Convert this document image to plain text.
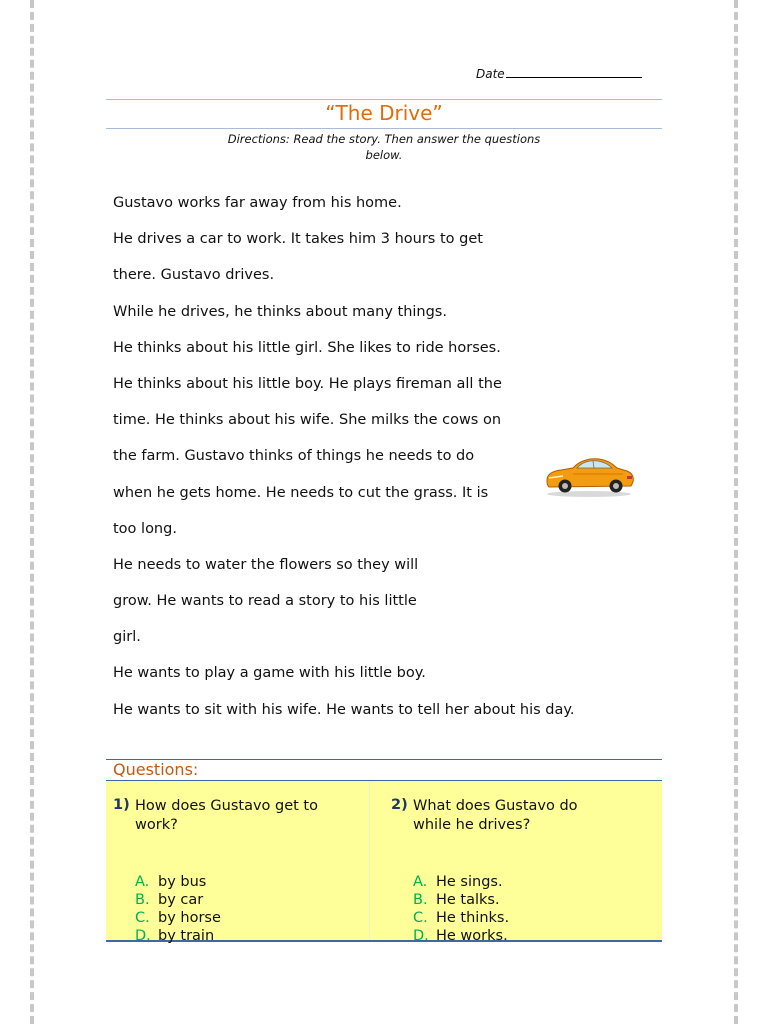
Date
“The Drive”
Directions: Read the story. Then answer the questions below.
Gustavo works far away from his home.
He drives a car to work. It takes him 3 hours to get
there. Gustavo drives.
While he drives, he thinks about many things.
He thinks about his little girl. She likes to ride horses.
He thinks about his little boy. He plays fireman all the
time. He thinks about his wife. She milks the cows on
the farm. Gustavo thinks of things he needs to do
when he gets home. He needs to cut the grass. It is
too long.
He needs to water the flowers so they will
grow. He wants to read a story to his little
girl.
He wants to play a game with his little boy.
He wants to sit with his wife. He wants to tell her about his day.
Questions:
1) How does Gustavo get to
work?
A. by bus
B. by car
C. by horse
D. by train
2) What does Gustavo do
while he drives?
A. He sings.
B. He talks.
C. He thinks.
D. He works.
